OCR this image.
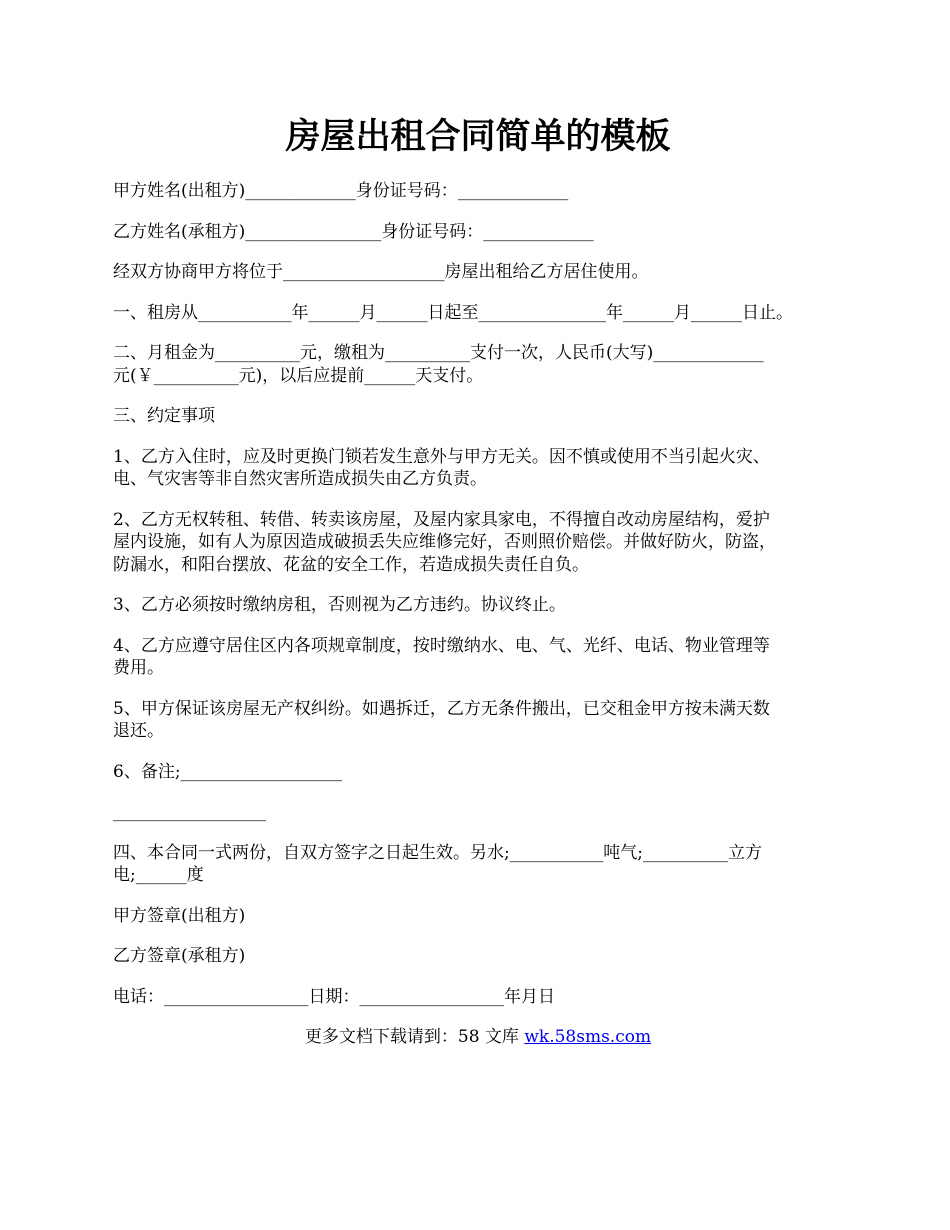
房屋出租合同简单的模板
甲方姓名(出租方)_____________身份证号码：_____________
乙方姓名(承租方)________________身份证号码：_____________
经双方协商甲方将位于___________________房屋出租给乙方居住使用。
一、租房从___________年______月______日起至_______________年______月______日止。
二、月租金为__________元，缴租为__________支付一次，人民币(大写)_____________
元(￥__________元)，以后应提前______天支付。
三、约定事项
1、乙方入住时，应及时更换门锁若发生意外与甲方无关。因不慎或使用不当引起火灾、
电、气灾害等非自然灾害所造成损失由乙方负责。
2、乙方无权转租、转借、转卖该房屋，及屋内家具家电，不得擅自改动房屋结构，爱护
屋内设施，如有人为原因造成破损丢失应维修完好，否则照价赔偿。并做好防火，防盗，
防漏水，和阳台摆放、花盆的安全工作，若造成损失责任自负。
3、乙方必须按时缴纳房租，否则视为乙方违约。协议终止。
4、乙方应遵守居住区内各项规章制度，按时缴纳水、电、气、光纤、电话、物业管理等
费用。
5、甲方保证该房屋无产权纠纷。如遇拆迁，乙方无条件搬出，已交租金甲方按未满天数
退还。
6、备注;___________________
__________________
四、本合同一式两份，自双方签字之日起生效。另水;___________吨气;__________立方
电;______度
甲方签章(出租方)
乙方签章(承租方)
电话：_________________日期：_________________年月日
更多文档下载请到：58 文库 wk.58sms.com
